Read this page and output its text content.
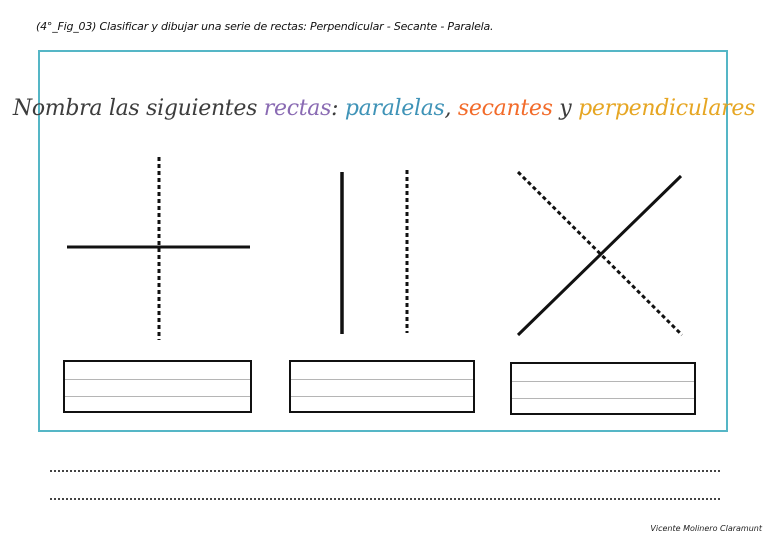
(4°_Fig_03) Clasificar y dibujar una serie de rectas: Perpendicular - Secante - Paralela.
Nombra las siguientes rectas: paralelas, secantes y perpendiculares
Vicente Molinero Claramunt
